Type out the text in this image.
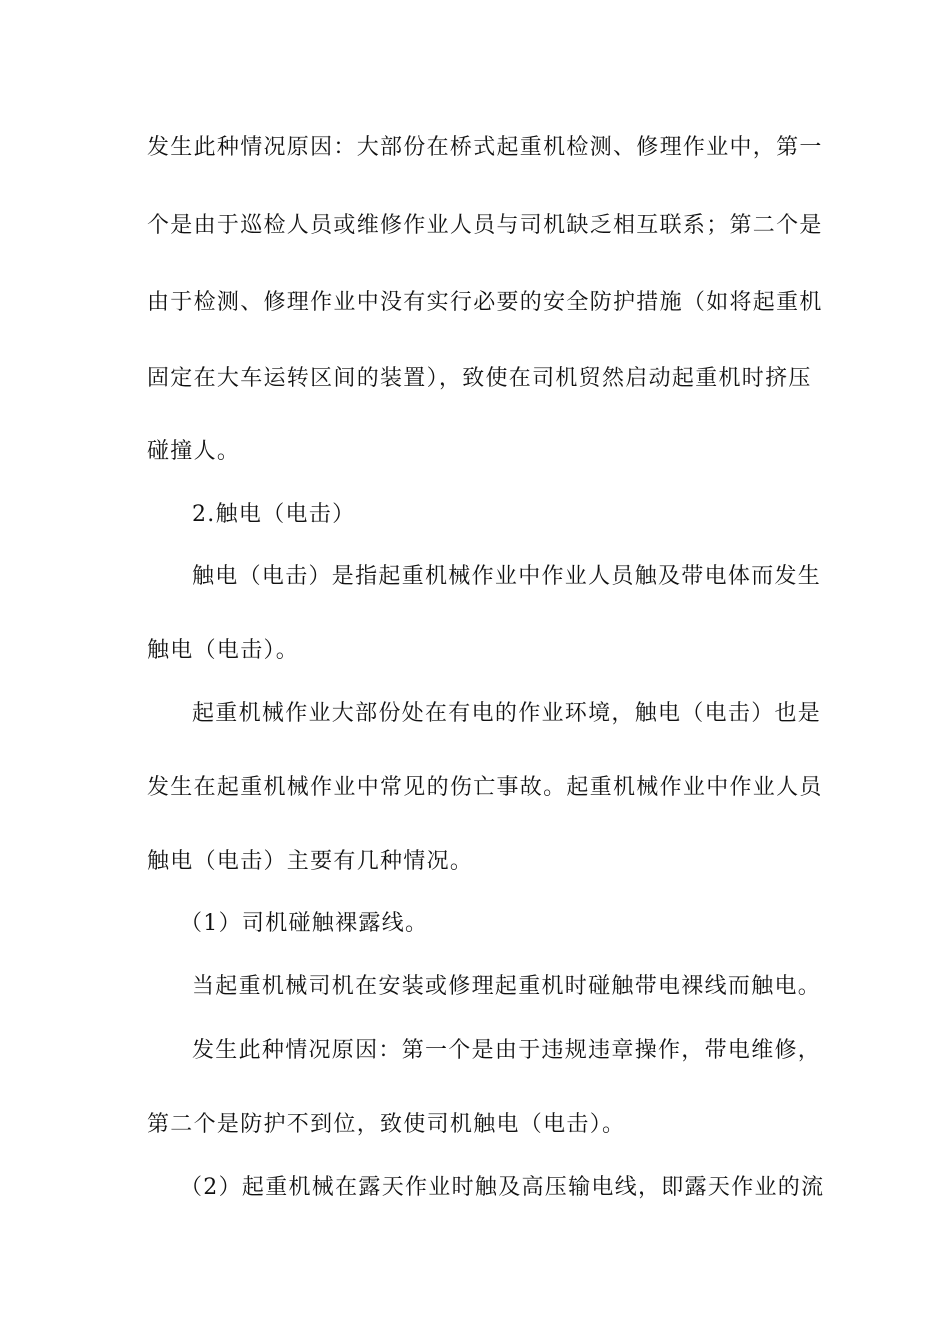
发生此种情况原因：大部份在桥式起重机检测、修理作业中，第一
个是由于巡检人员或维修作业人员与司机缺乏相互联系；第二个是
由于检测、修理作业中没有实行必要的安全防护措施（如将起重机
固定在大车运转区间的装置），致使在司机贸然启动起重机时挤压
碰撞人。
2.触电（电击）
触电（电击）是指起重机械作业中作业人员触及带电体而发生
触电（电击）。
起重机械作业大部份处在有电的作业环境，触电（电击）也是
发生在起重机械作业中常见的伤亡事故。起重机械作业中作业人员
触电（电击）主要有几种情况。
（1）司机碰触裸露线。
当起重机械司机在安装或修理起重机时碰触带电裸线而触电。
发生此种情况原因：第一个是由于违规违章操作，带电维修，
第二个是防护不到位，致使司机触电（电击）。
（2）起重机械在露天作业时触及高压输电线，即露天作业的流
